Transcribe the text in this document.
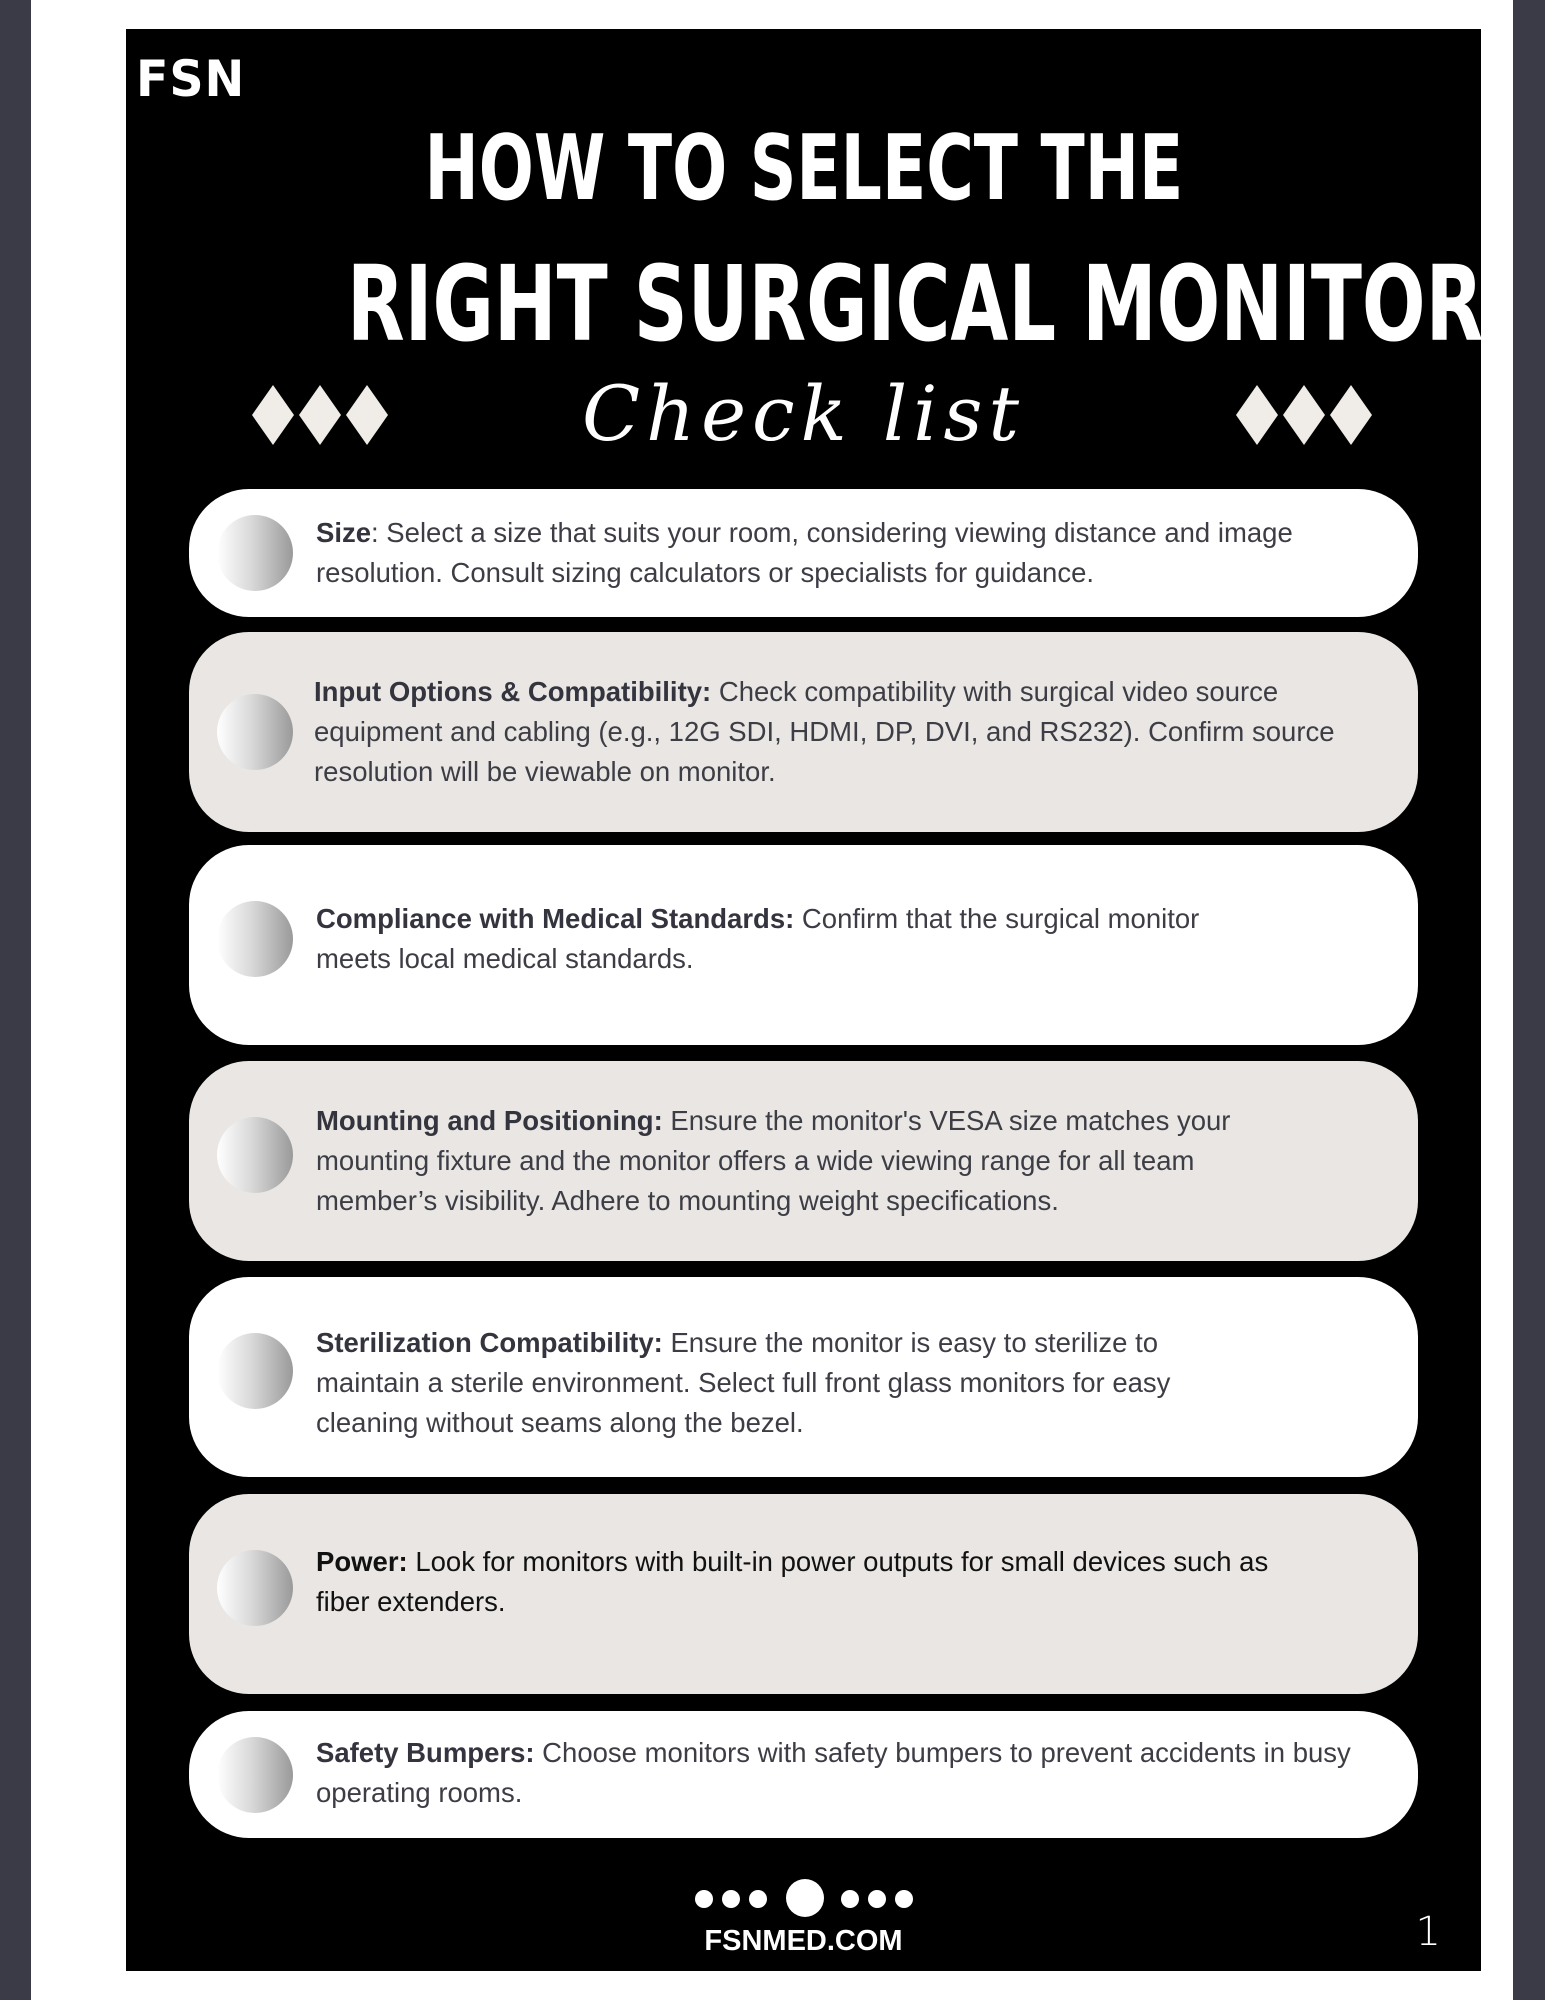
FSN
HOW TO SELECT THE
RIGHT SURGICAL MONITOR
Check list
Size: Select a size that suits your room, considering viewing distance and image resolution. Consult sizing calculators or specialists for guidance.
Input Options & Compatibility: Check compatibility with surgical video source equipment and cabling (e.g., 12G SDI, HDMI, DP, DVI, and RS232). Confirm source resolution will be viewable on monitor.
Compliance with Medical Standards: Confirm that the surgical monitor meets local medical standards.
Mounting and Positioning: Ensure the monitor's VESA size matches your mounting fixture and the monitor offers a wide viewing range for all team member’s visibility. Adhere to mounting weight specifications.
Sterilization Compatibility: Ensure the monitor is easy to sterilize to maintain a sterile environment. Select full front glass monitors for easy cleaning without seams along the bezel.
Power: Look for monitors with built-in power outputs for small devices such as fiber extenders.
Safety Bumpers: Choose monitors with safety bumpers to prevent accidents in busy operating rooms.
FSNMED.COM	1
